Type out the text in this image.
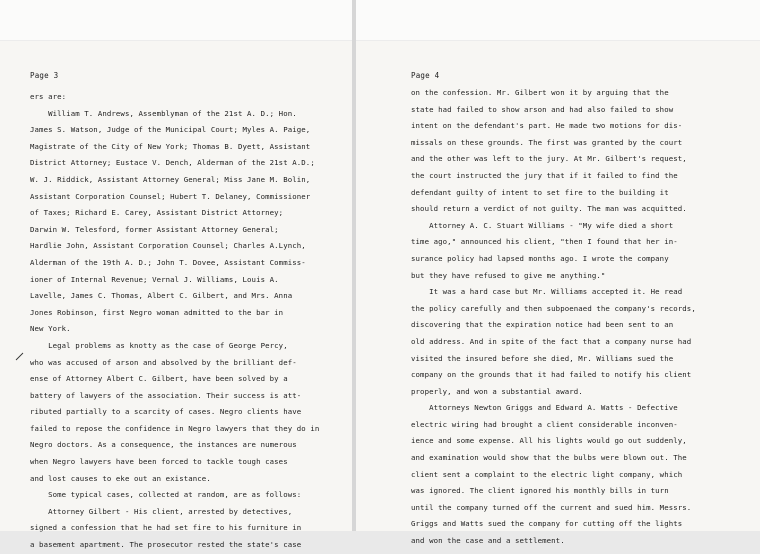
Page 3
ers are:
William T. Andrews, Assemblyman of the 21st A. D.; Hon.
James S. Watson, Judge of the Municipal Court; Myles A. Paige,
Magistrate of the City of New York; Thomas B. Dyett, Assistant
District Attorney; Eustace V. Dench, Alderman of the 21st A.D.;
W. J. Riddick, Assistant Attorney General; Miss Jane M. Bolin,
Assistant Corporation Counsel; Hubert T. Delaney, Commissioner
of Taxes; Richard E. Carey, Assistant District Attorney;
Darwin W. Telesford, former Assistant Attorney General;
Hardlie John, Assistant Corporation Counsel; Charles A.Lynch,
Alderman of the 19th A. D.; John T. Dovee, Assistant Commiss-
ioner of Internal Revenue; Vernal J. Williams, Louis A.
Lavelle, James C. Thomas, Albert C. Gilbert, and Mrs. Anna
Jones Robinson, first Negro woman admitted to the bar in
New York.
Legal problems as knotty as the case of George Percy,
who was accused of arson and absolved by the brilliant def-
ense of Attorney Albert C. Gilbert, have been solved by a
battery of lawyers of the association. Their success is att-
ributed partially to a scarcity of cases. Negro clients have
failed to repose the confidence in Negro lawyers that they do in
Negro doctors. As a consequence, the instances are numerous
when Negro lawyers have been forced to tackle tough cases
and lost causes to eke out an existance.
Some typical cases, collected at random, are as follows:
Attorney Gilbert - His client, arrested by detectives,
signed a confession that he had set fire to his furniture in
a basement apartment. The prosecutor rested the state's case
Page 4
on the confession. Mr. Gilbert won it by arguing that the
state had failed to show arson and had also failed to show
intent on the defendant's part. He made two motions for dis-
missals on these grounds. The first was granted by the court
and the other was left to the jury. At Mr. Gilbert's request,
the court instructed the jury that if it failed to find the
defendant guilty of intent to set fire to the building it
should return a verdict of not guilty. The man was acquitted.
Attorney A. C. Stuart Williams - "My wife died a short
time ago," announced his client, "then I found that her in-
surance policy had lapsed months ago. I wrote the company
but they have refused to give me anything."
It was a hard case but Mr. Williams accepted it. He read
the policy carefully and then subpoenaed the company's records,
discovering that the expiration notice had been sent to an
old address. And in spite of the fact that a company nurse had
visited the insured before she died, Mr. Williams sued the
company on the grounds that it had failed to notify his client
properly, and won a substantial award.
Attorneys Newton Griggs and Edward A. Watts - Defective
electric wiring had brought a client considerable inconven-
ience and some expense. All his lights would go out suddenly,
and examination would show that the bulbs were blown out. The
client sent a complaint to the electric light company, which
was ignored. The client ignored his monthly bills in turn
until the company turned off the current and sued him. Messrs.
Griggs and Watts sued the company for cutting off the lights
and won the case and a settlement.
